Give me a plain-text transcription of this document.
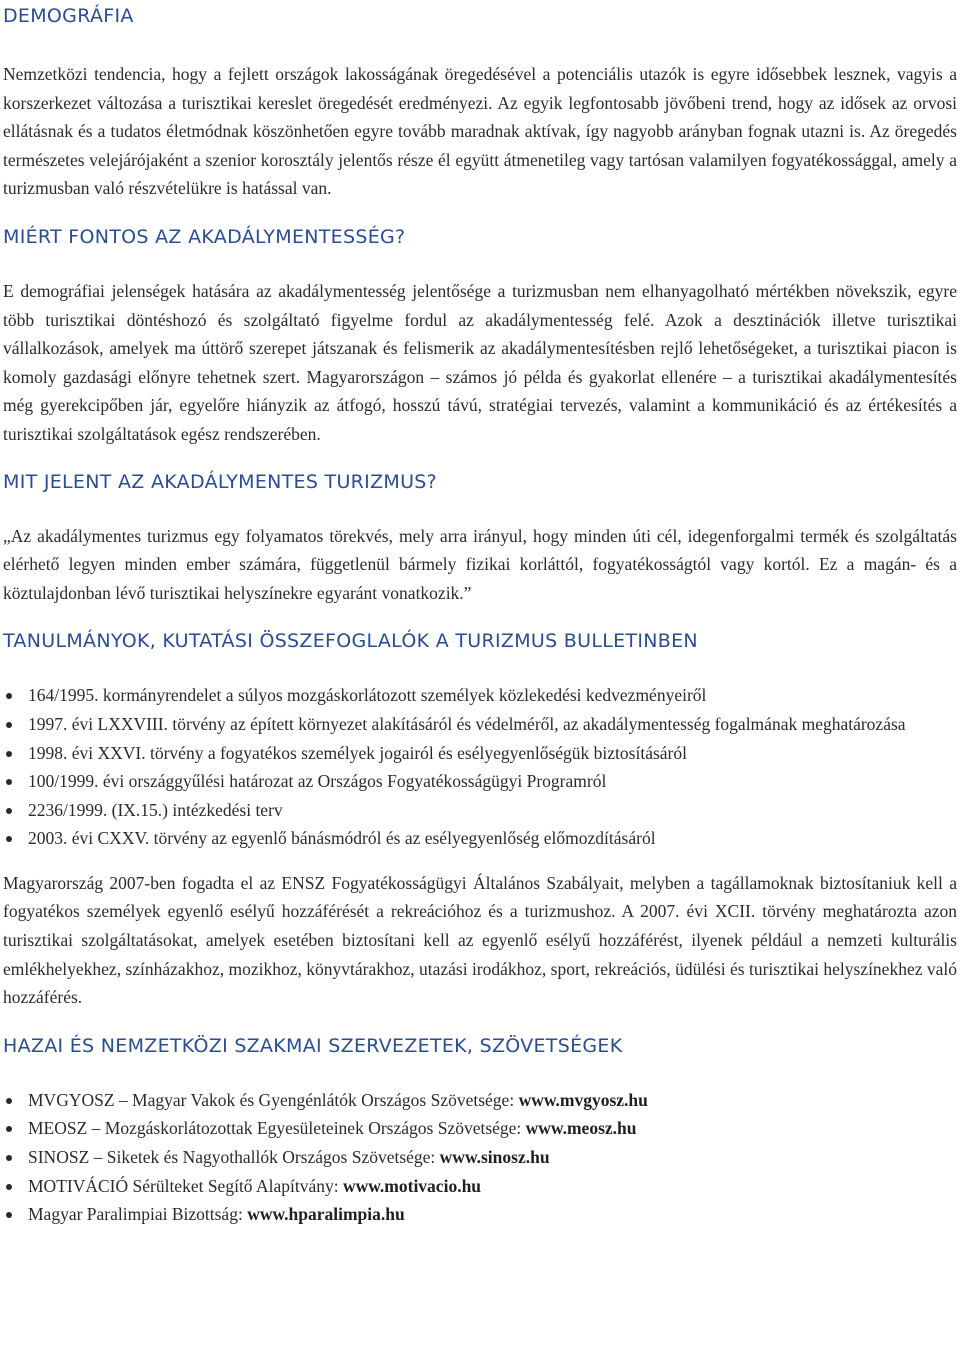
DEMOGRÁFIA

Nemzetközi tendencia, hogy a fejlett országok lakosságának öregedésével a potenciális utazók is egyre idősebbek lesznek, vagyis a korszerkezet változása a turisztikai kereslet öregedését eredményezi. Az egyik legfontosabb jövőbeni trend, hogy az idősek az orvosi ellátásnak és a tudatos életmódnak köszönhetően egyre tovább maradnak aktívak, így nagyobb arányban fognak utazni is. Az öregedés természetes velejárójaként a szenior korosztály jelentős része él együtt átmenetileg vagy tartósan valamilyen fogyatékossággal, amely a turizmusban való részvételükre is hatással van.

MIÉRT FONTOS AZ AKADÁLYMENTESSÉG?

E demográfiai jelenségek hatására az akadálymentesség jelentősége a turizmusban nem elhanyagolható mértékben növekszik, egyre több turisztikai döntéshozó és szolgáltató figyelme fordul az akadálymentesség felé. Azok a desztinációk illetve turisztikai vállalkozások, amelyek ma úttörő szerepet játszanak és felismerik az akadálymentesítésben rejlő lehetőségeket, a turisztikai piacon is komoly gazdasági előnyre tehetnek szert. Magyarországon – számos jó példa és gyakorlat ellenére – a turisztikai akadálymentesítés még gyerekcipőben jár, egyelőre hiányzik az átfogó, hosszú távú, stratégiai tervezés, valamint a kommunikáció és az értékesítés a turisztikai szolgáltatások egész rendszerében.

MIT JELENT AZ AKADÁLYMENTES TURIZMUS?

„Az akadálymentes turizmus egy folyamatos törekvés, mely arra irányul, hogy minden úti cél, idegenforgalmi termék és szolgáltatás elérhető legyen minden ember számára, függetlenül bármely fizikai korláttól, fogyatékosságtól vagy kortól. Ez a magán- és a köztulajdonban lévő turisztikai helyszínekre egyaránt vonatkozik.”

TANULMÁNYOK, KUTATÁSI ÖSSZEFOGLALÓK A TURIZMUS BULLETINBEN
164/1995. kormányrendelet a súlyos mozgáskorlátozott személyek közlekedési kedvezményeiről
1997. évi LXXVIII. törvény az épített környezet alakításáról és védelméről, az akadálymentesség fogalmának meghatározása
1998. évi XXVI. törvény a fogyatékos személyek jogairól és esélyegyenlőségük biztosításáról
100/1999. évi országgyűlési határozat az Országos Fogyatékosságügyi Programról
2236/1999. (IX.15.) intézkedési terv
2003. évi CXXV. törvény az egyenlő bánásmódról és az esélyegyenlőség előmozdításáról

Magyarország 2007-ben fogadta el az ENSZ Fogyatékosságügyi Általános Szabályait, melyben a tagállamoknak biztosítaniuk kell a fogyatékos személyek egyenlő esélyű hozzáférését a rekreációhoz és a turizmushoz. A 2007. évi XCII. törvény meghatározta azon turisztikai szolgáltatásokat, amelyek esetében biztosítani kell az egyenlő esélyű hozzáférést, ilyenek például a nemzeti kulturális emlékhelyekhez, színházakhoz, mozikhoz, könyvtárakhoz, utazási irodákhoz, sport, rekreációs, üdülési és turisztikai helyszínekhez való hozzáférés.

HAZAI ÉS NEMZETKÖZI SZAKMAI SZERVEZETEK, SZÖVETSÉGEK
MVGYOSZ – Magyar Vakok és Gyengénlátók Országos Szövetsége: www.mvgyosz.hu
MEOSZ – Mozgáskorlátozottak Egyesületeinek Országos Szövetsége: www.meosz.hu
SINOSZ – Siketek és Nagyothallók Országos Szövetsége: www.sinosz.hu
MOTIVÁCIÓ Sérülteket Segítő Alapítvány: www.motivacio.hu
Magyar Paralimpiai Bizottság: www.hparalimpia.hu
